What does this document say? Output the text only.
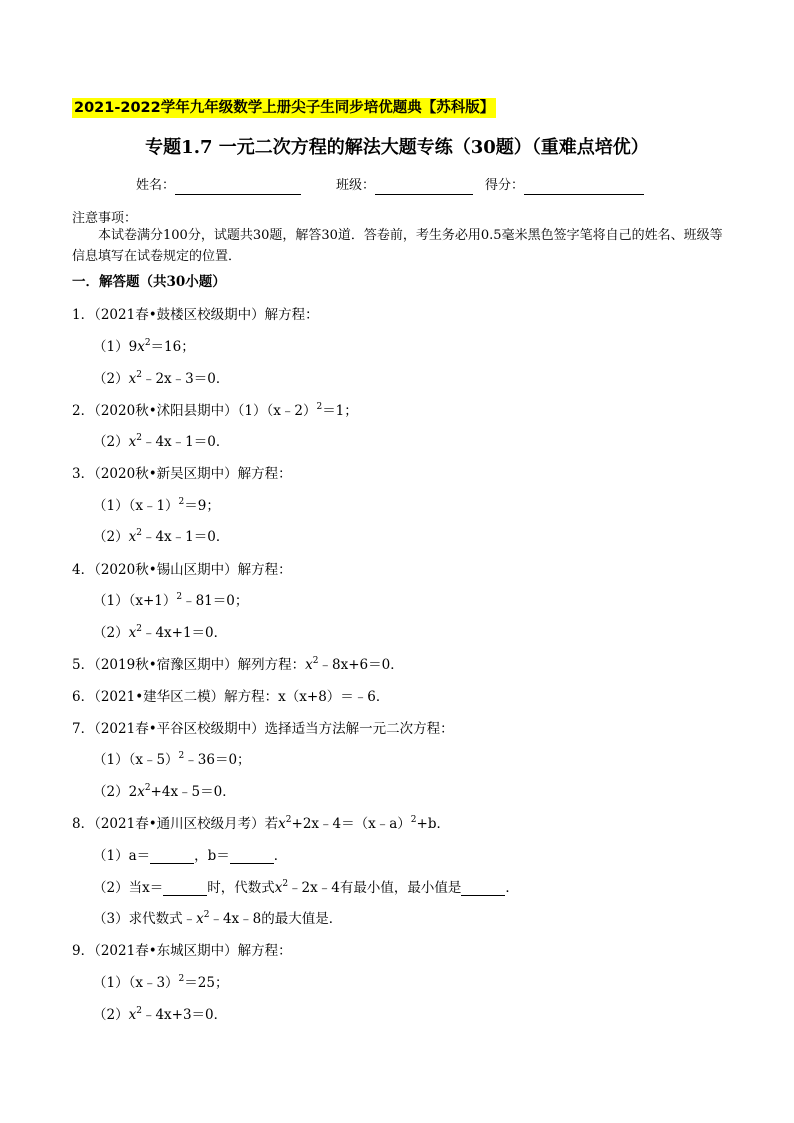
2021-2022学年九年级数学上册尖子生同步培优题典【苏科版】
专题1.7 一元二次方程的解法大题专练（30题）（重难点培优）
姓名：	班级：	得分：
注意事项：
本试卷满分100分，试题共30题，解答30道．答卷前，考生务必用0.5毫米黑色签字笔将自己的姓名、班级等信息填写在试卷规定的位置．
一．解答题（共30小题）
1．（2021春•鼓楼区校级期中）解方程：
$(1)9x^2=16$；
$(2)x^2﹣2x﹣3=0$．
2．（2020秋•沭阳县期中）（1）（x﹣2）$^2$＝1；
$(2)x^2﹣4x﹣1=0$．
3．（2020秋•新吴区期中）解方程：
（1）（x﹣1）$^2$＝9；
$(2)x^2﹣4x﹣1=0$．
4．（2020秋•锡山区期中）解方程：
$(1)(x+1)^2﹣81=0$；
$(2)x^2﹣4x+1=0$．
5．（2019秋•宿豫区期中）解列方程：$x^2﹣8x+6=0$．
6．（2021•建华区二模）解方程：x（x+8）＝﹣6．
7．（2021春•平谷区校级期中）选择适当方法解一元二次方程：
（1）（x﹣5）$^2$﹣36＝0；
$(2)2x^2+4x﹣5=0$．
8．（2021春•通川区校级月考）若$x^2+2x﹣4=(x﹣a)^2+b$．
（1）a＝	，b＝	．
（2）当x＝	时，代数式$x^2﹣2x﹣4$有最小值，最小值是	．
（3）求代数式$﹣x^2﹣4x﹣8$的最大值是．
9．（2021春•东城区期中）解方程：
（1）（x﹣3）$^2$＝25；
$(2)x^2﹣4x+3=0$．
